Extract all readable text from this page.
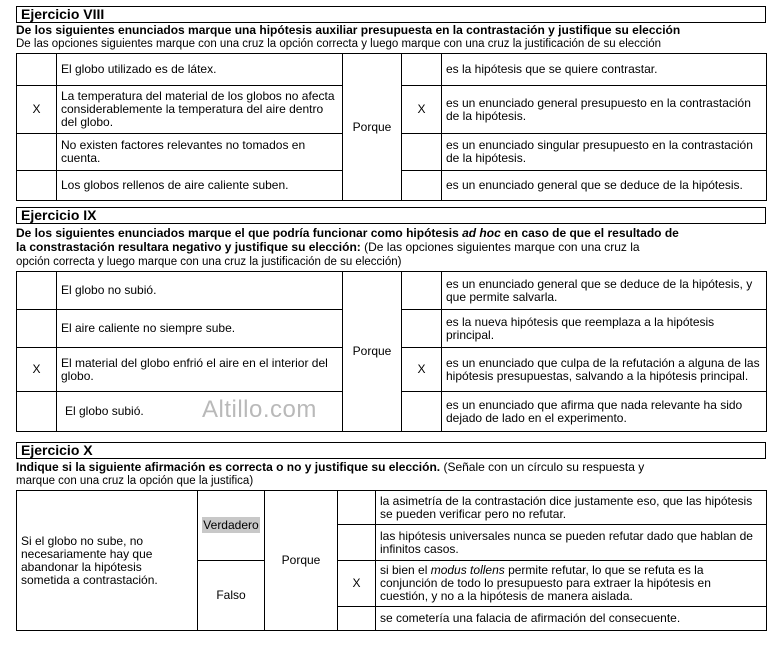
Ejercicio VIII
De los siguientes enunciados marque una hipótesis auxiliar presupuesta en la contrastación y justifique su elección
De las opciones siguientes marque con una cruz la opción correcta y luego marque con una cruz la justificación de su elección
	El globo utilizado es de látex.	Porque		es la hipótesis que se quiere contrastar.
X	La temperatura del material de los globos no afecta considerablemente la temperatura del aire dentro del globo.		X	es un enunciado general presupuesto en la contrastación de la hipótesis.
	No existen factores relevantes no tomados en cuenta.			es un enunciado singular presupuesto en la contrastación de la hipótesis.
	Los globos rellenos de aire caliente suben.			es un enunciado general que se deduce de la hipótesis.
Ejercicio IX
De los siguientes enunciados marque el que podría funcionar como hipótesis ad hoc en caso de que el resultado de
la constrastación resultara negativo y justifique su elección: (De las opciones siguientes marque con una cruz la
opción correcta y luego marque con una cruz la justificación de su elección)
	El globo no subió.	Porque		es un enunciado general que se deduce de la hipótesis, y que permite salvarla.
	El aire caliente no siempre sube.			es la nueva hipótesis que reemplaza a la hipótesis principal.
X	El material del globo enfrió el aire en el interior del globo.		X	es un enunciado que culpa de la refutación a alguna de las hipótesis presupuestas, salvando a la hipótesis principal.
	El globo subió.			es un enunciado que afirma que nada relevante ha sido dejado de lado en el experimento.
Altillo.com
Ejercicio X
Indique si la siguiente afirmación es correcta o no y justifique su elección. (Señale con un círculo su respuesta y
marque con una cruz la opción que la justifica)
Si el globo no sube, no necesariamente hay que abandonar la hipótesis sometida a contrastación.	Verdadero	Porque		la asimetría de la contrastación dice justamente eso, que las hipótesis se pueden verificar pero no refutar.
				las hipótesis universales nunca se pueden refutar dado que hablan de infinitos casos.
	Falso		X	si bien el modus tollens permite refutar, lo que se refuta es la conjunción de todo lo presupuesto para extraer la hipótesis en cuestión, y no a la hipótesis de manera aislada.
				se cometería una falacia de afirmación del consecuente.
